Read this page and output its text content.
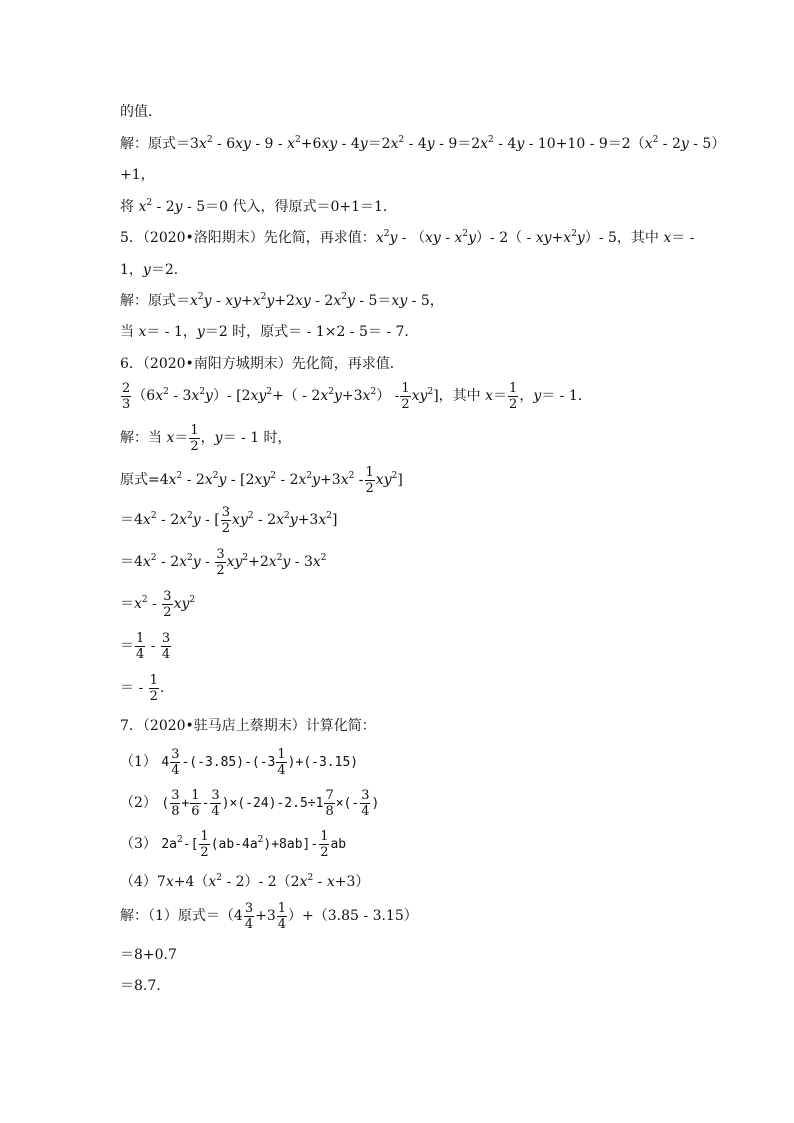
的值．
解：原式$=3x^2 - 6xy - 9 - x^2+6xy - 4y=2x^2 - 4y - 9=2x^2 - 4y - 10+10 - 9=2(x^2 - 2y - 5)$
+1，
将 $x^2 - 2y - 5=0$ 代入，得原式＝0+1＝1．
5．（2020•洛阳期末）先化简，再求值：$x^2y - (xy - x^2y)-$ $2( - xy+x^2y)-$ 5，其中 x＝ -
1，y＝2．
解：原式$=x^2y - xy+x^2y+2xy - 2x^2y - 5=xy - 5$，
当 x＝ - 1，y＝2 时，原式＝ - 1×2 - 5＝ - 7．
6．（2020•南阳方城期末）先化简，再求值．
$\frac{2}{3} (6x^2 - 3x^2y)-$ $[2xy^2+( - 2x^2y+3x^2) - \frac{1}{2} xy^2]$，其中 $x= \frac{1}{2}$ ，y＝ - 1．
解：当 $x= \frac{1}{2}$ ，y＝ - 1 时，
原式$=4x^2 - 2x^2y - [2xy^2 - 2x^2y+3x^2 - \frac{1}{2} xy^2]$
$=4x^2 - 2x^2y$ - [ $\frac{3}{2} xy^2 - 2x^2y+3x^2$]
$=4x^2 - 2x^2y - \frac{3}{2} xy^2+2x^2y - 3x^2$
$=x^2 - \frac{3}{2} xy^2$
＝ $\frac{1}{4} - \frac{3}{4}$
＝ - $\frac{1}{2}$ .
7．（2020•驻马店上蔡期末）计算化简：
（1） $4 \frac{3}{4} -(-3.85)-(-3 \frac{1}{4} )+(-3.15)$
（2） ( $\frac{3}{8} + \frac{1}{6} - \frac{3}{4} )\times(-24)-2.5\div 1 \frac{7}{8}$ ×(- $\frac{3}{4}$ )
（3） $2a^2-[ \frac{1}{2} (ab-4a^2)+8ab]- \frac{1}{2}$ ab
$(4)7x+4(x^2 - 2)-$ $2(2x^2 - x+3)$
解：（1）原式$=(4 \frac{3}{4} +3 \frac{1}{4} )+(3.85 - 3.15)$
＝8+0.7
＝8.7.
